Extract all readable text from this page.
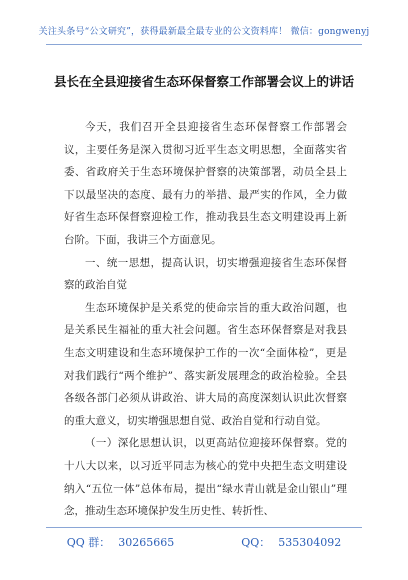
关注头条号“公文研究”，获得最新最全最专业的公文资料库！ 微信：gongwenyj
县长在全县迎接省生态环保督察工作部署会议上的讲话

今天，我们召开全县迎接省生态环保督察工作部署会议，主要任务是深入贯彻习近平生态文明思想，全面落实省委、省政府关于生态环境保护督察的决策部署，动员全县上下以最坚决的态度、最有力的举措、最严实的作风，全力做好省生态环保督察迎检工作，推动我县生态文明建设再上新台阶。下面，我讲三个方面意见。

一、统一思想，提高认识，切实增强迎接省生态环保督察的政治自觉

生态环境保护是关系党的使命宗旨的重大政治问题，也是关系民生福祉的重大社会问题。省生态环保督察是对我县生态文明建设和生态环境保护工作的一次“全面体检”，更是对我们践行“两个维护”、落实新发展理念的政治检验。全县各级各部门必须从讲政治、讲大局的高度深刻认识此次督察的重大意义，切实增强思想自觉、政治自觉和行动自觉。

（一）深化思想认识，以更高站位迎接环保督察。党的十八大以来，以习近平同志为核心的党中央把生态文明建设纳入“五位一体”总体布局，提出“绿水青山就是金山银山”理念，推动生态环境保护发生历史性、转折性、

QQ 群： 30265665	QQ： 535304092
